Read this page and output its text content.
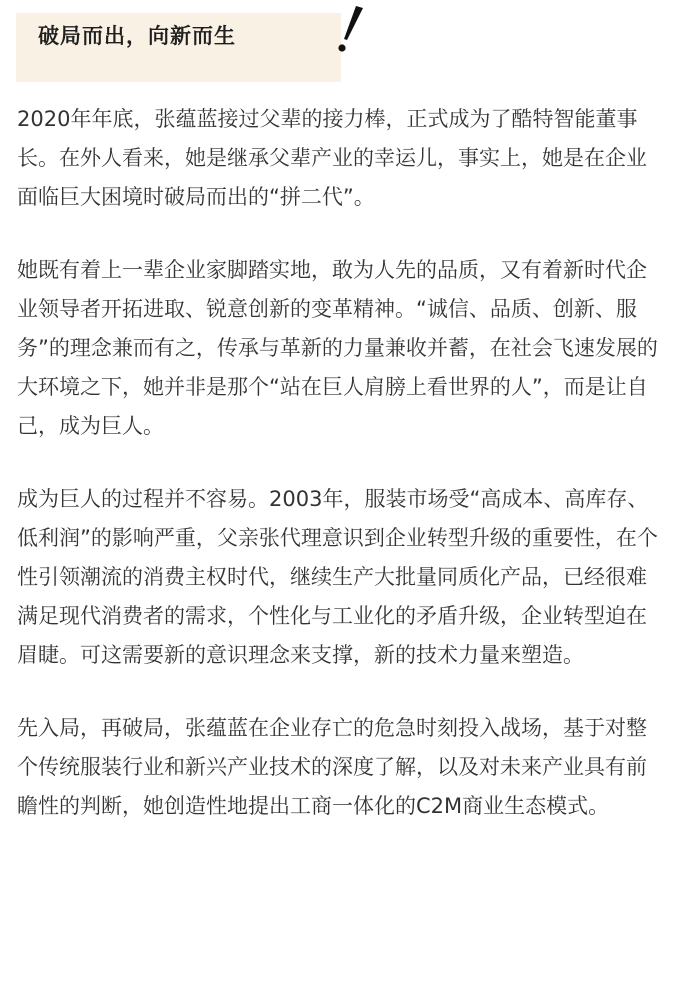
破局而出，向新而生

2020年年底，张蕴蓝接过父辈的接力棒，正式成为了酷特智能董事长。在外人看来，她是继承父辈产业的幸运儿，事实上，她是在企业面临巨大困境时破局而出的“拼二代”。

她既有着上一辈企业家脚踏实地，敢为人先的品质，又有着新时代企业领导者开拓进取、锐意创新的变革精神。“诚信、品质、创新、服务”的理念兼而有之，传承与革新的力量兼收并蓄，在社会飞速发展的大环境之下，她并非是那个“站在巨人肩膀上看世界的人”，而是让自己，成为巨人。

成为巨人的过程并不容易。2003年，服装市场受“高成本、高库存、低利润”的影响严重，父亲张代理意识到企业转型升级的重要性，在个性引领潮流的消费主权时代，继续生产大批量同质化产品，已经很难满足现代消费者的需求，个性化与工业化的矛盾升级，企业转型迫在眉睫。可这需要新的意识理念来支撑，新的技术力量来塑造。

先入局，再破局，张蕴蓝在企业存亡的危急时刻投入战场，基于对整个传统服装行业和新兴产业技术的深度了解，以及对未来产业具有前瞻性的判断，她创造性地提出工商一体化的C2M商业生态模式。
